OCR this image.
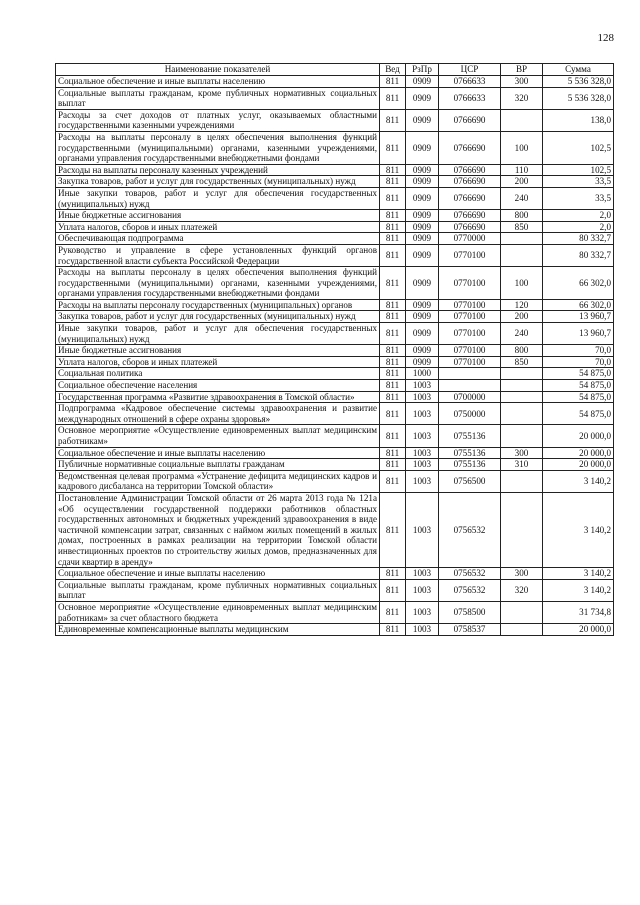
128
Наименование показателей	Вед	РзПр	ЦСР	ВР	Сумма
Социальное обеспечение и иные выплаты населению	811	0909	0766633	300	5 536 328,0
Социальные выплаты гражданам, кроме публичных нормативных социальных выплат	811	0909	0766633	320	5 536 328,0
Расходы за счет доходов от платных услуг, оказываемых областными государственными казенными учреждениями	811	0909	0766690		138,0
Расходы на выплаты персоналу в целях обеспечения выполнения функций государственными (муниципальными) органами, казенными учреждениями, органами управления государственными внебюджетными фондами	811	0909	0766690	100	102,5
Расходы на выплаты персоналу казенных учреждений	811	0909	0766690	110	102,5
Закупка товаров, работ и услуг для государственных (муниципальных) нужд	811	0909	0766690	200	33,5
Иные закупки товаров, работ и услуг для обеспечения государственных (муниципальных) нужд	811	0909	0766690	240	33,5
Иные бюджетные ассигнования	811	0909	0766690	800	2,0
Уплата налогов, сборов и иных платежей	811	0909	0766690	850	2,0
Обеспечивающая подпрограмма	811	0909	0770000		80 332,7
Руководство и управление в сфере установленных функций органов государственной власти субъекта Российской Федерации	811	0909	0770100		80 332,7
Расходы на выплаты персоналу в целях обеспечения выполнения функций государственными (муниципальными) органами, казенными учреждениями, органами управления государственными внебюджетными фондами	811	0909	0770100	100	66 302,0
Расходы на выплаты персоналу государственных (муниципальных) органов	811	0909	0770100	120	66 302,0
Закупка товаров, работ и услуг для государственных (муниципальных) нужд	811	0909	0770100	200	13 960,7
Иные закупки товаров, работ и услуг для обеспечения государственных (муниципальных) нужд	811	0909	0770100	240	13 960,7
Иные бюджетные ассигнования	811	0909	0770100	800	70,0
Уплата налогов, сборов и иных платежей	811	0909	0770100	850	70,0
Социальная политика	811	1000			54 875,0
Социальное обеспечение населения	811	1003			54 875,0
Государственная программа «Развитие здравоохранения в Томской области»	811	1003	0700000		54 875,0
Подпрограмма «Кадровое обеспечение системы здравоохранения и развитие международных отношений в сфере охраны здоровья»	811	1003	0750000		54 875,0
Основное мероприятие «Осуществление единовременных выплат медицинским работникам»	811	1003	0755136		20 000,0
Социальное обеспечение и иные выплаты населению	811	1003	0755136	300	20 000,0
Публичные нормативные социальные выплаты гражданам	811	1003	0755136	310	20 000,0
Ведомственная целевая программа «Устранение дефицита медицинских кадров и кадрового дисбаланса на территории Томской области»	811	1003	0756500		3 140,2
Постановление Администрации Томской области от 26 марта 2013 года № 121а «Об осуществлении государственной поддержки работников областных государственных автономных и бюджетных учреждений здравоохранения в виде частичной компенсации затрат, связанных с наймом жилых помещений в жилых домах, построенных в рамках реализации на территории Томской области инвестиционных проектов по строительству жилых домов, предназначенных для сдачи квартир в аренду»	811	1003	0756532		3 140,2
Социальное обеспечение и иные выплаты населению	811	1003	0756532	300	3 140,2
Социальные выплаты гражданам, кроме публичных нормативных социальных выплат	811	1003	0756532	320	3 140,2
Основное мероприятие «Осуществление единовременных выплат медицинским работникам» за счет областного бюджета	811	1003	0758500		31 734,8
Единовременные компенсационные выплаты медицинским	811	1003	0758537		20 000,0
